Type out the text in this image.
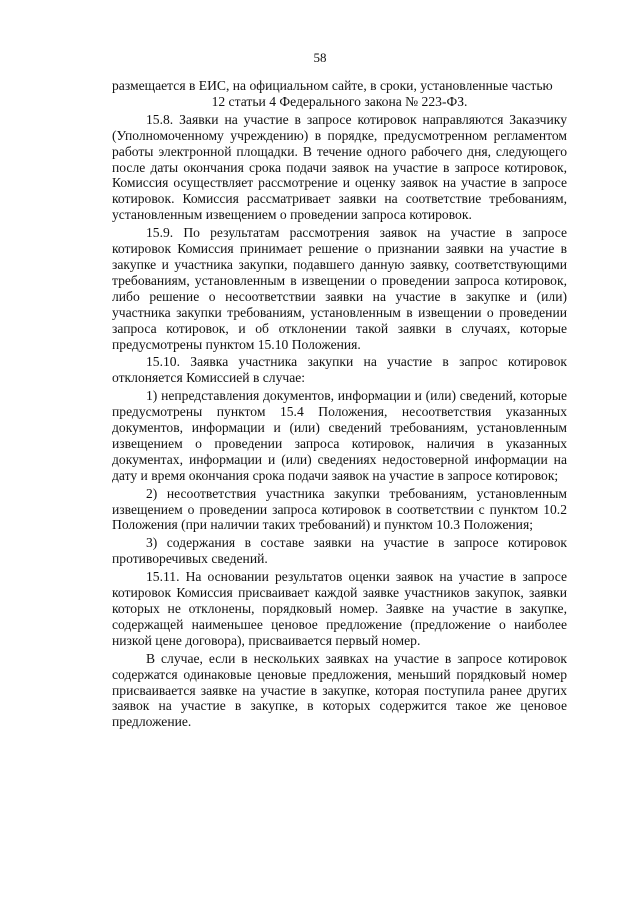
58

размещается в ЕИС, на официальном сайте, в сроки, установленные частью

12 статьи 4 Федерального закона № 223-ФЗ.

15.8. Заявки на участие в запросе котировок направляются Заказчику (Уполномоченному учреждению) в порядке, предусмотренном регламентом работы электронной площадки. В течение одного рабочего дня, следующего после даты окончания срока подачи заявок на участие в запросе котировок, Комиссия осуществляет рассмотрение и оценку заявок на участие в запросе котировок. Комиссия рассматривает заявки на соответствие требованиям, установленным извещением о проведении запроса котировок.

15.9. По результатам рассмотрения заявок на участие в запросе котировок Комиссия принимает решение о признании заявки на участие в закупке и участника закупки, подавшего данную заявку, соответствующими требованиям, установленным в извещении о проведении запроса котировок, либо решение о несоответствии заявки на участие в закупке и (или) участника закупки требованиям, установленным в извещении о проведении запроса котировок, и об отклонении такой заявки в случаях, которые предусмотрены пунктом 15.10 Положения.

15.10. Заявка участника закупки на участие в запрос котировок отклоняется Комиссией в случае:

1) непредставления документов, информации и (или) сведений, которые предусмотрены пунктом 15.4 Положения, несоответствия указанных документов, информации и (или) сведений требованиям, установленным извещением о проведении запроса котировок, наличия в указанных документах, информации и (или) сведениях недостоверной информации на дату и время окончания срока подачи заявок на участие в запросе котировок;

2) несоответствия участника закупки требованиям, установленным извещением о проведении запроса котировок в соответствии с пунктом 10.2 Положения (при наличии таких требований) и пунктом 10.3 Положения;

3) содержания в составе заявки на участие в запросе котировок противоречивых сведений.

15.11. На основании результатов оценки заявок на участие в запросе котировок Комиссия присваивает каждой заявке участников закупок, заявки которых не отклонены, порядковый номер. Заявке на участие в закупке, содержащей наименьшее ценовое предложение (предложение о наиболее низкой цене договора), присваивается первый номер.

В случае, если в нескольких заявках на участие в запросе котировок содержатся одинаковые ценовые предложения, меньший порядковый номер присваивается заявке на участие в закупке, которая поступила ранее других заявок на участие в закупке, в которых содержится такое же ценовое предложение.
